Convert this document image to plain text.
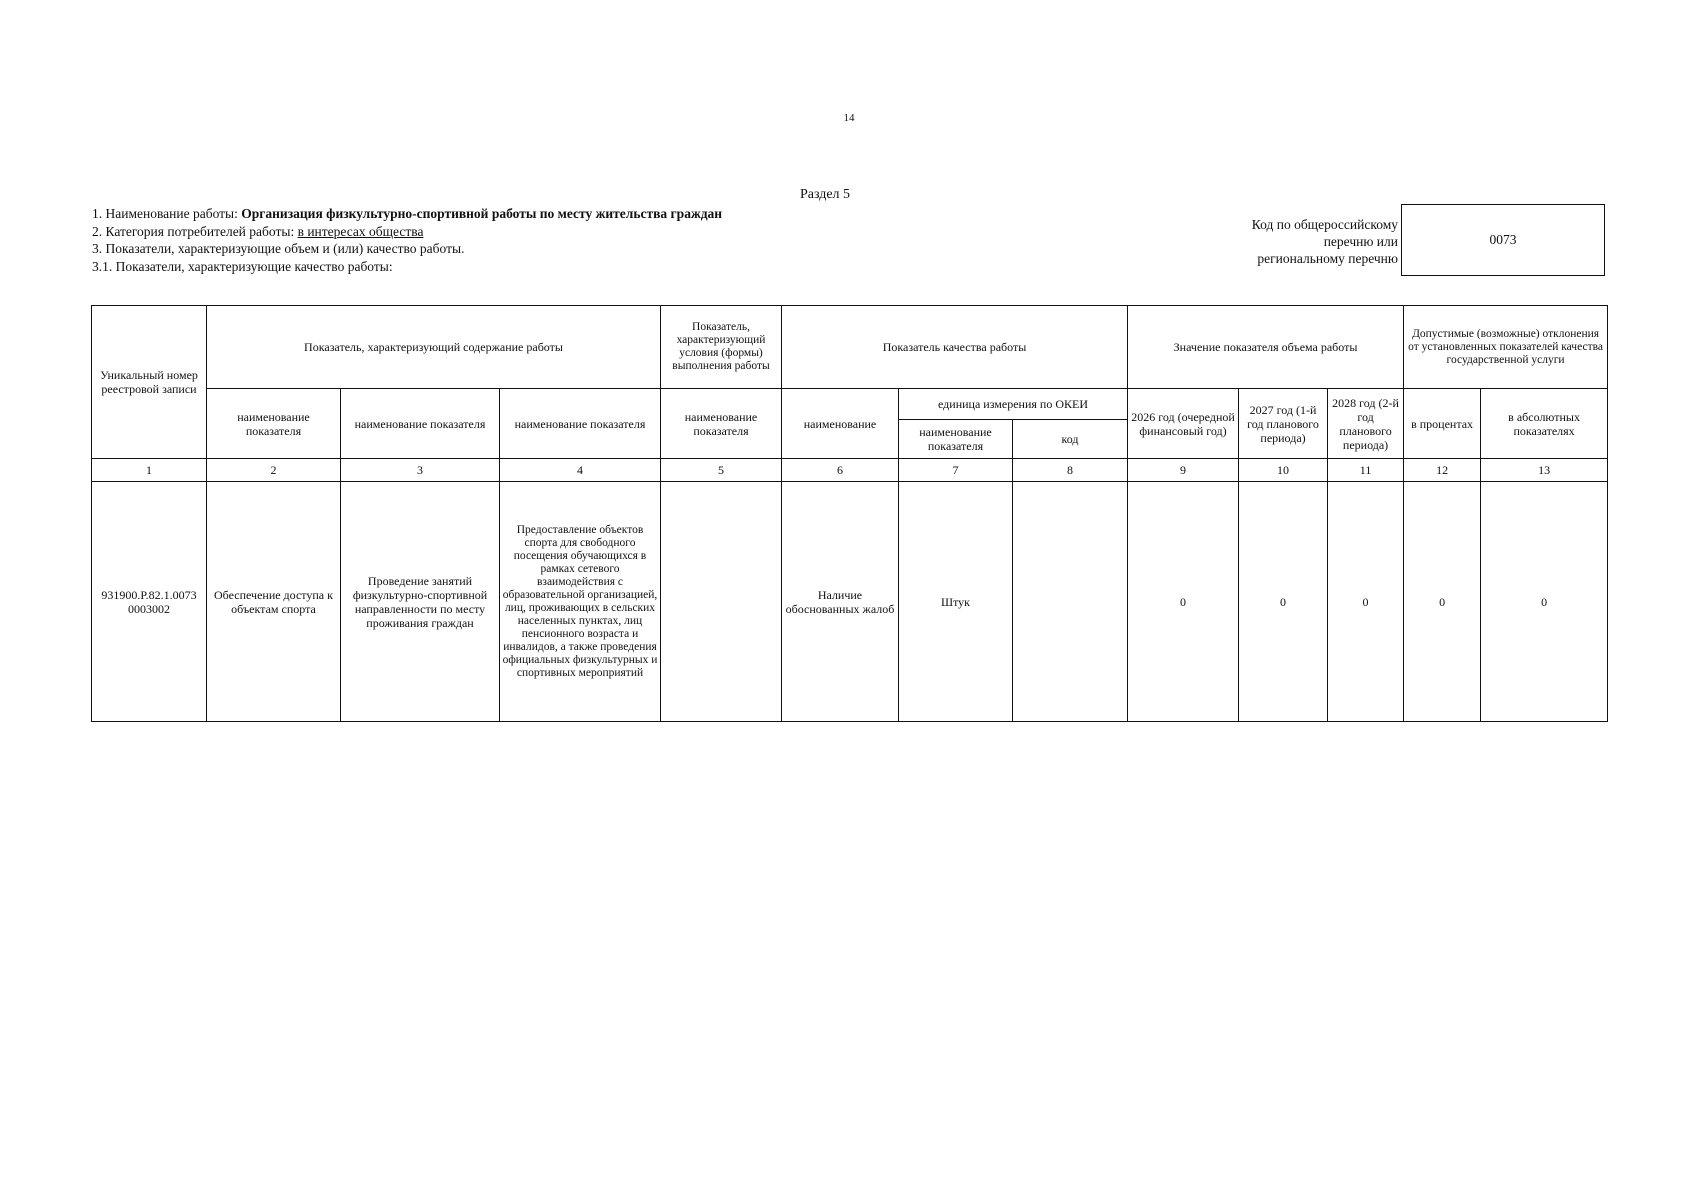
14
Раздел 5
1. Наименование работы: Организация физкультурно-спортивной работы по месту жительства граждан
2. Категория потребителей работы: в интересах общества
3. Показатели, характеризующие объем и (или) качество работы.
3.1. Показатели, характеризующие качество работы:
Код по общероссийскому
перечню или
региональному перечню
0073
Уникальный номер реестровой записи	Показатель, характеризующий содержание работы			Показатель, характеризующий условия (формы) выполнения работы	Показатель качества работы			Значение показателя объема работы			Допустимые (возможные) отклонения от установленных показателей качества государственной услуги	
	наименование показателя	наименование показателя	наименование показателя	наименование показателя	наименование	единица измерения по ОКЕИ		2026 год (очередной финансовый год)	2027 год (1-й год планового периода)	2028 год (2-й год планового периода)	в процентах	в абсолютных показателях
						наименование показателя	код					
1	2	3	4	5	6	7	8	9	10	11	12	13
931900.Р.82.1.0073 0003002	Обеспечение доступа к объектам спорта	Проведение занятий физкультурно-спортивной направленности по месту проживания граждан	Предоставление объектов спорта для свободного посещения обучающихся в рамках сетевого взаимодействия с образовательной организацией, лиц, проживающих в сельских населенных пунктах, лиц пенсионного возраста и инвалидов, а также проведения официальных физкультурных и спортивных мероприятий		Наличие обоснованных жалоб	Штук		0	0	0	0	0
